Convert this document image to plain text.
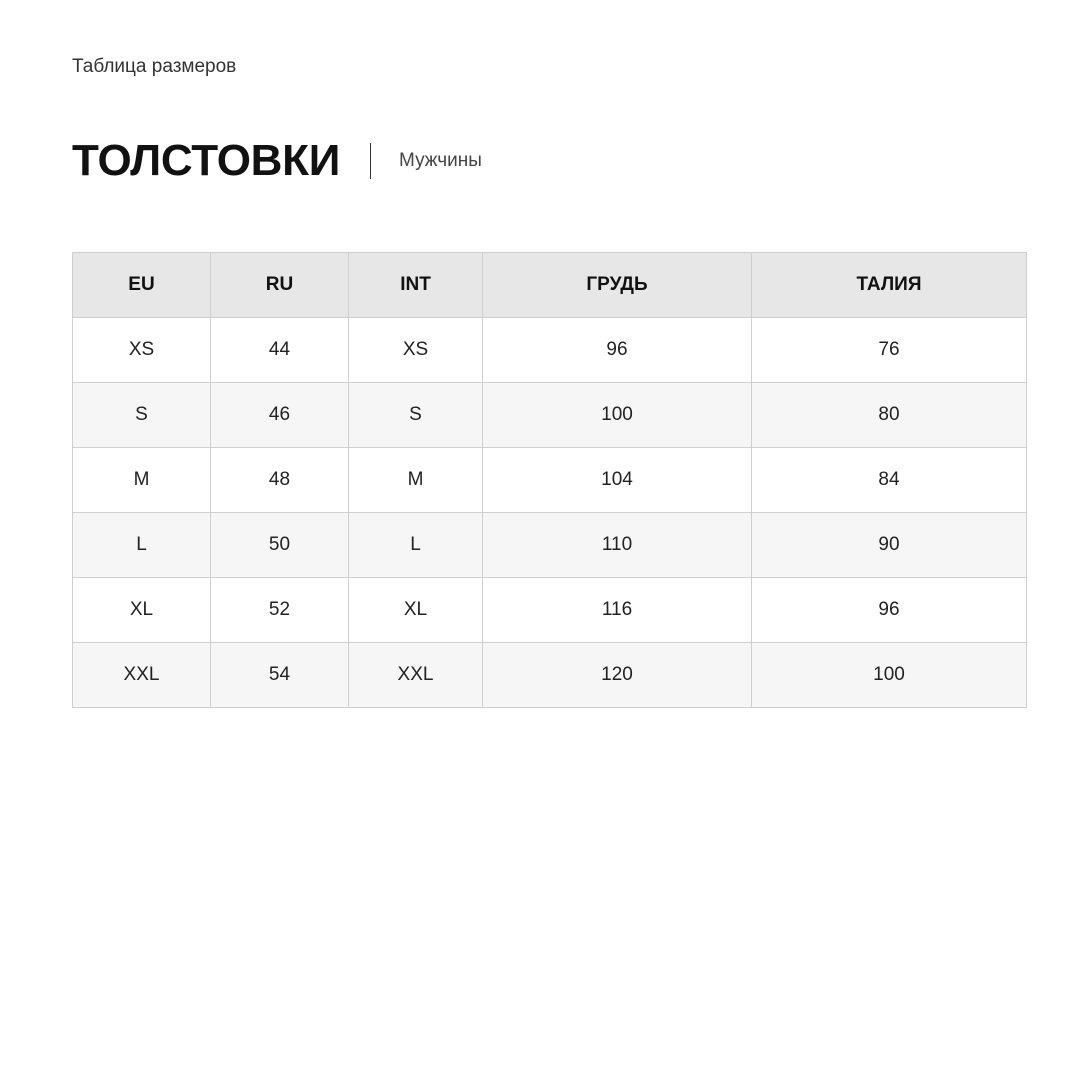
Таблица размеров
ТОЛСТОВКИ	Мужчины
EU	RU	INT	ГРУДЬ	ТАЛИЯ
XS	44	XS	96	76
S	46	S	100	80
M	48	M	104	84
L	50	L	110	90
XL	52	XL	116	96
XXL	54	XXL	120	100
